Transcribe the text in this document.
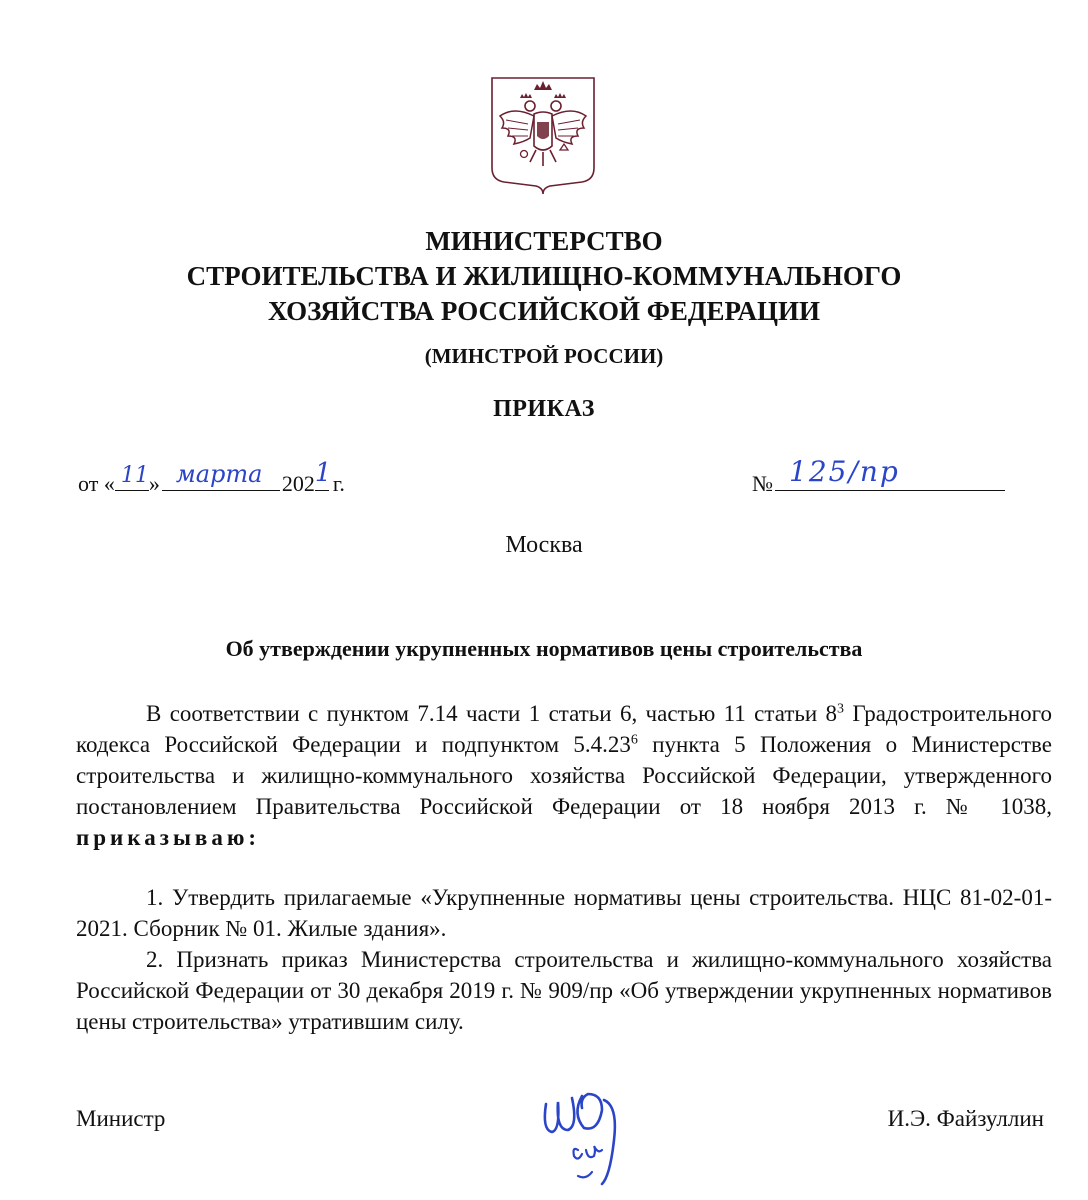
МИНИСТЕРСТВО
СТРОИТЕЛЬСТВА И ЖИЛИЩНО-КОММУНАЛЬНОГО
ХОЗЯЙСТВА РОССИЙСКОЙ ФЕДЕРАЦИИ
(МИНСТРОЙ РОССИИ)
ПРИКАЗ
от « 11 » марта 202 1 г.	№ 125/пр
Москва
Об утверждении укрупненных нормативов цены строительства

В соответствии с пунктом 7.14 части 1 статьи 6, частью 11 статьи $8^3$ Градостроительного кодекса Российской Федерации и подпунктом 5.4.23$^6$ пункта 5 Положения о Министерстве строительства и жилищно-коммунального хозяйства Российской Федерации, утвержденного постановлением Правительства Российской Федерации от 18 ноября 2013 г. № 1038, приказываю:

1. Утвердить прилагаемые «Укрупненные нормативы цены строительства. НЦС 81-02-01-2021. Сборник № 01. Жилые здания».

2. Признать приказ Министерства строительства и жилищно-коммунального хозяйства Российской Федерации от 30 декабря 2019 г. № 909/пр «Об утверждении укрупненных нормативов цены строительства» утратившим силу.

Министр	И.Э. Файзуллин
